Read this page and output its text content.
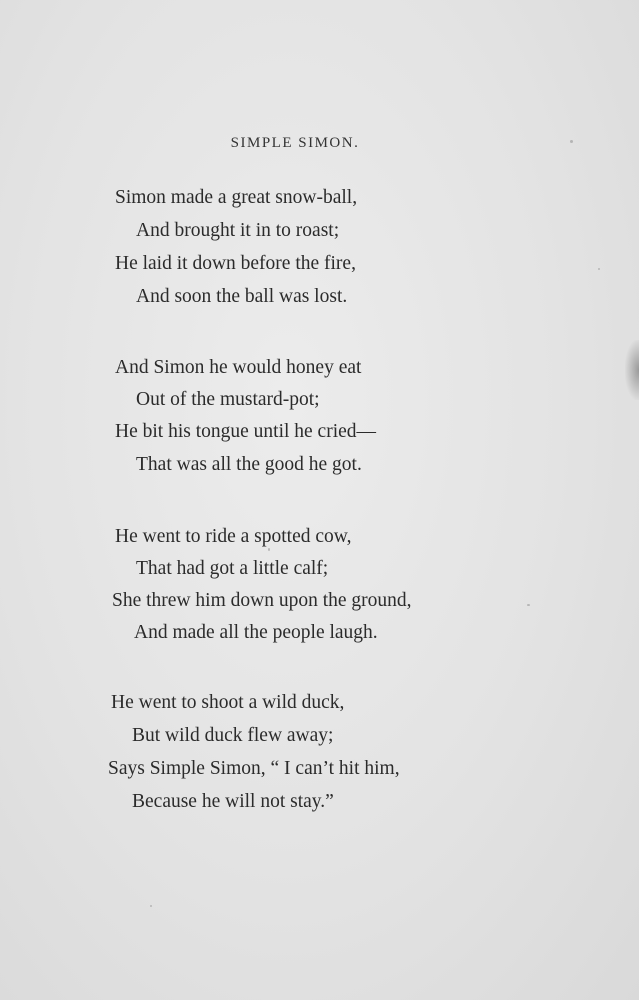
SIMPLE SIMON.
Simon made a great snow-ball,
And brought it in to roast;
He laid it down before the fire,
And soon the ball was lost.
And Simon he would honey eat
Out of the mustard-pot;
He bit his tongue until he cried—
That was all the good he got.
He went to ride a spotted cow,
That had got a little calf;
She threw him down upon the ground,
And made all the people laugh.
He went to shoot a wild duck,
But wild duck flew away;
Says Simple Simon, “ I can’t hit him,
Because he will not stay.”
